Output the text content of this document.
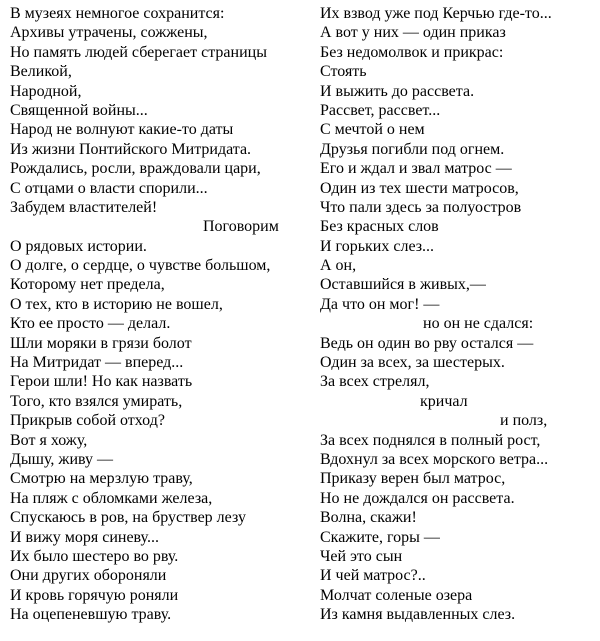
В музеях немногое сохранится:
Архивы утрачены, сожжены,
Но память людей сберегает страницы
Великой,
Народной,
Священной войны...
Народ не волнуют какие-то даты
Из жизни Понтийского Митридата.
Рождались, росли, враждовали цари,
С отцами о власти спорили...
Забудем властителей!
Поговорим
О рядовых истории.
О долге, о сердце, о чувстве большом,
Которому нет предела,
О тех, кто в историю не вошел,
Кто ее просто — делал.
Шли моряки в грязи болот
На Митридат — вперед...
Герои шли! Но как назвать
Того, кто взялся умирать,
Прикрыв собой отход?
Вот я хожу,
Дышу, живу —
Смотрю на мерзлую траву,
На пляж с обломками железа,
Спускаюсь в ров, на бруствер лезу
И вижу моря синеву...
Их было шестеро во рву.
Они других обороняли
И кровь горячую роняли
На оцепеневшую траву.
Их взвод уже под Керчью где-то...
А вот у них — один приказ
Без недомолвок и прикрас:
Стоять
И выжить до рассвета.
Рассвет, рассвет...
С мечтой о нем
Друзья погибли под огнем.
Его и ждал и звал матрос —
Один из тех шести матросов,
Что пали здесь за полуостров
Без красных слов
И горьких слез...
А он,
Оставшийся в живых,—
Да что он мог! —
но он не сдался:
Ведь он один во рву остался —
Один за всех, за шестерых.
За всех стрелял,
кричал
и полз,
За всех поднялся в полный рост,
Вдохнул за всех морского ветра...
Приказу верен был матрос,
Но не дождался он рассвета.
Волна, скажи!
Скажите, горы —
Чей это сын
И чей матрос?..
Молчат соленые озера
Из камня выдавленных слез.
